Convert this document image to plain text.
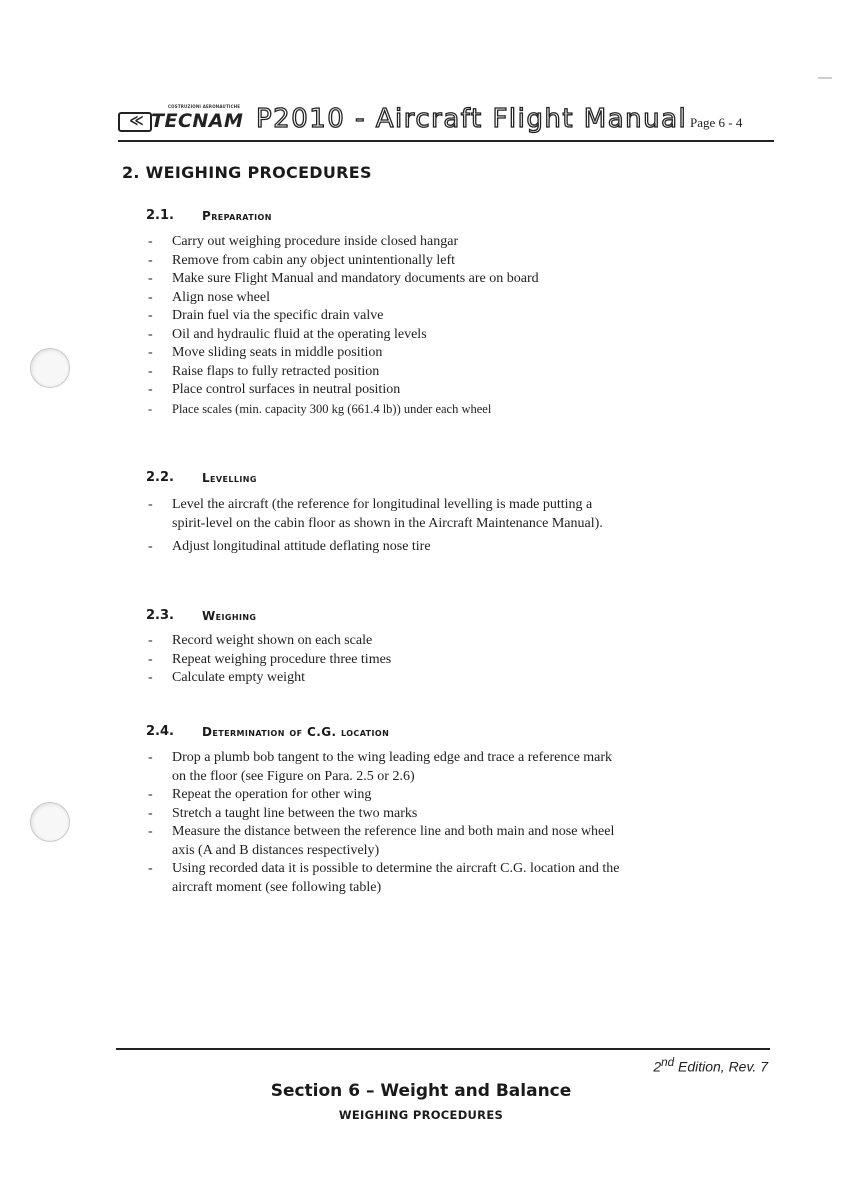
≪
COSTRUZIONI AERONAUTICHE
TECNAM P2010 - Aircraft Flight Manual Page 6 - 4
2. WEIGHING PROCEDURES
2.1. Preparation
- Carry out weighing procedure inside closed hangar
- Remove from cabin any object unintentionally left
- Make sure Flight Manual and mandatory documents are on board
- Align nose wheel
- Drain fuel via the specific drain valve
- Oil and hydraulic fluid at the operating levels
- Move sliding seats in middle position
- Raise flaps to fully retracted position
- Place control surfaces in neutral position
- Place scales (min. capacity 300 kg (661.4 lb)) under each wheel
2.2. Levelling
- Level the aircraft (the reference for longitudinal levelling is made putting a
spirit-level on the cabin floor as shown in the Aircraft Maintenance Manual).
- Adjust longitudinal attitude deflating nose tire
2.3. Weighing
- Record weight shown on each scale
- Repeat weighing procedure three times
- Calculate empty weight
2.4. Determination of C.G. location
- Drop a plumb bob tangent to the wing leading edge and trace a reference mark
on the floor (see Figure on Para. 2.5 or 2.6)
- Repeat the operation for other wing
- Stretch a taught line between the two marks
- Measure the distance between the reference line and both main and nose wheel
axis (A and B distances respectively)
- Using recorded data it is possible to determine the aircraft C.G. location and the
aircraft moment (see following table)
2nd Edition, Rev. 7
Section 6 – Weight and Balance
WEIGHING PROCEDURES
